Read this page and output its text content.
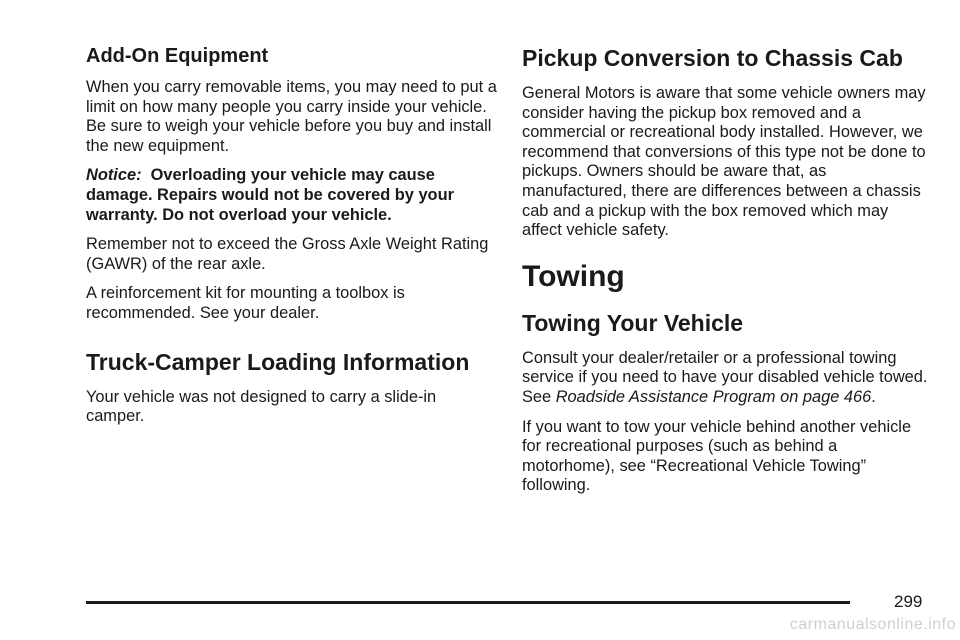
Add-On Equipment

When you carry removable items, you may need to put a limit on how many people you carry inside your vehicle. Be sure to weigh your vehicle before you buy and install the new equipment.

Notice: Overloading your vehicle may cause damage. Repairs would not be covered by your warranty. Do not overload your vehicle.

Remember not to exceed the Gross Axle Weight Rating (GAWR) of the rear axle.

A reinforcement kit for mounting a toolbox is recommended. See your dealer.

Truck-Camper Loading Information

Your vehicle was not designed to carry a slide-in camper.

Pickup Conversion to Chassis Cab

General Motors is aware that some vehicle owners may consider having the pickup box removed and a commercial or recreational body installed. However, we recommend that conversions of this type not be done to pickups. Owners should be aware that, as manufactured, there are differences between a chassis cab and a pickup with the box removed which may affect vehicle safety.

Towing
Towing Your Vehicle

Consult your dealer/retailer or a professional towing service if you need to have your disabled vehicle towed. See Roadside Assistance Program on page 466.

If you want to tow your vehicle behind another vehicle for recreational purposes (such as behind a motorhome), see “Recreational Vehicle Towing” following.

299
carmanualsonline.info
